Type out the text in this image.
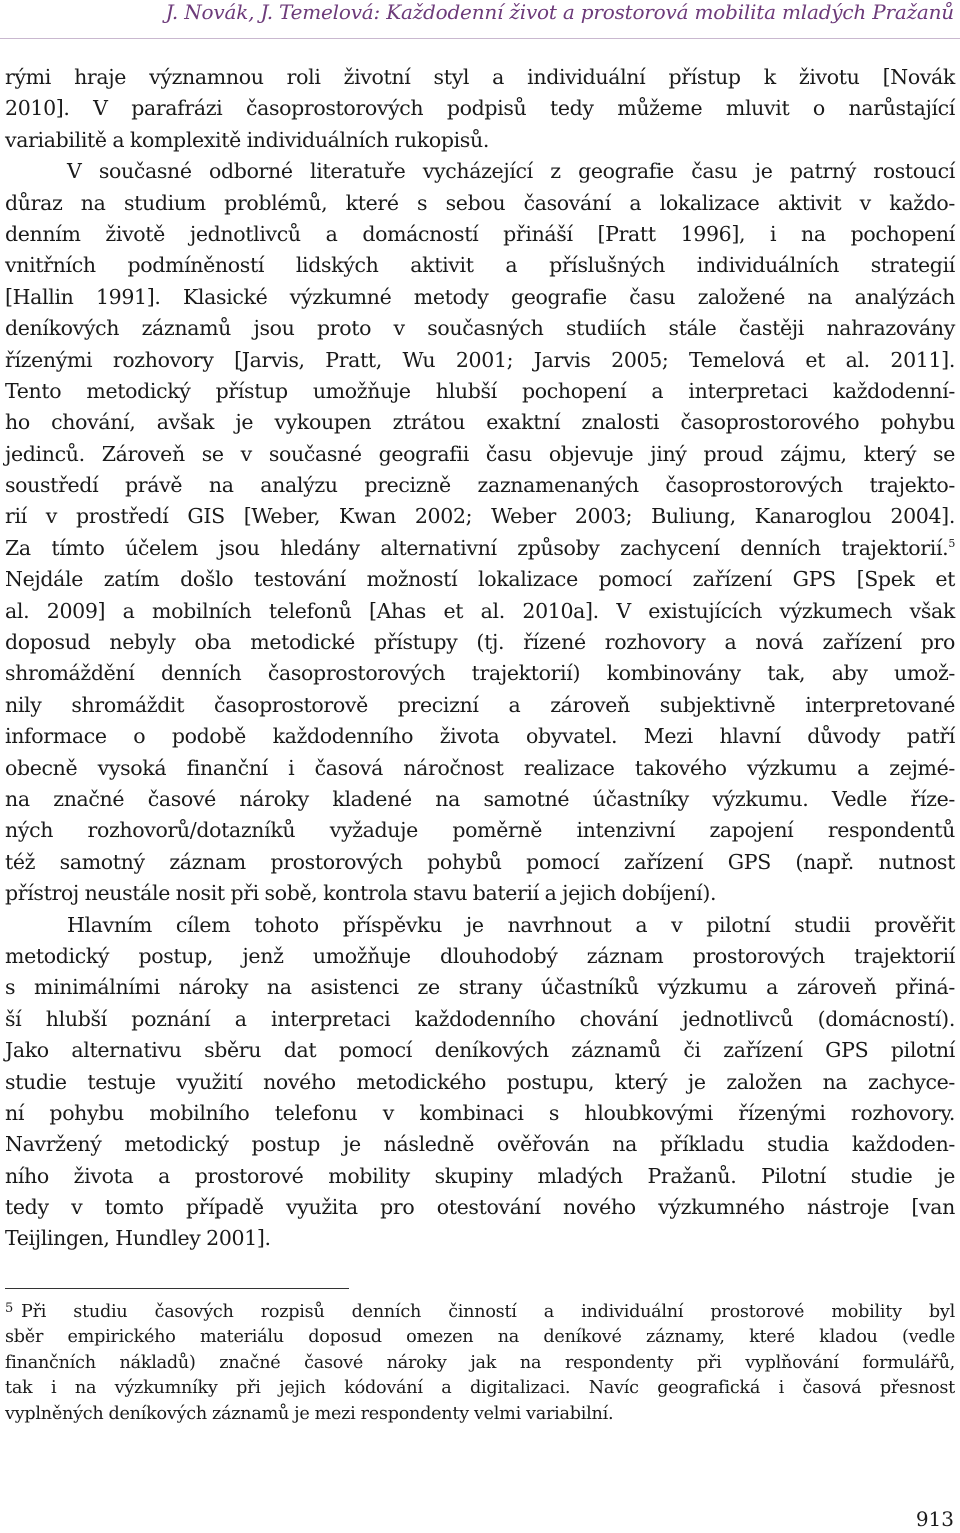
J. Novák, J. Temelová: Každodenní život a prostorová mobilita mladých Pražanů
rými hraje významnou roli životní styl a individuální přístup k životu [Novák
2010]. V parafrázi časoprostorových podpisů tedy můžeme mluvit o narůstající
variabilitě a komplexitě individuálních rukopisů.
V současné odborné literatuře vycházející z geografie času je patrný rostoucí
důraz na studium problémů, které s sebou časování a lokalizace aktivit v každo-
denním životě jednotlivců a domácností přináší [Pratt 1996], i na pochopení
vnitřních podmíněností lidských aktivit a příslušných individuálních strategií
[Hallin 1991]. Klasické výzkumné metody geografie času založené na analýzách
deníkových záznamů jsou proto v současných studiích stále častěji nahrazovány
řízenými rozhovory [Jarvis, Pratt, Wu 2001; Jarvis 2005; Temelová et al. 2011].
Tento metodický přístup umožňuje hlubší pochopení a interpretaci každodenní-
ho chování, avšak je vykoupen ztrátou exaktní znalosti časoprostorového pohybu
jedinců. Zároveň se v současné geografii času objevuje jiný proud zájmu, který se
soustředí právě na analýzu precizně zaznamenaných časoprostorových trajekto-
rií v prostředí GIS [Weber, Kwan 2002; Weber 2003; Buliung, Kanaroglou 2004].
Za tímto účelem jsou hledány alternativní způsoby zachycení denních trajektorií.$^5$
Nejdále zatím došlo testování možností lokalizace pomocí zařízení GPS [Spek et
al. 2009] a mobilních telefonů [Ahas et al. 2010a]. V existujících výzkumech však
doposud nebyly oba metodické přístupy (tj. řízené rozhovory a nová zařízení pro
shromáždění denních časoprostorových trajektorií) kombinovány tak, aby umož-
nily shromáždit časoprostorově precizní a zároveň subjektivně interpretované
informace o podobě každodenního života obyvatel. Mezi hlavní důvody patří
obecně vysoká finanční i časová náročnost realizace takového výzkumu a zejmé-
na značné časové nároky kladené na samotné účastníky výzkumu. Vedle říze-
ných rozhovorů/dotazníků vyžaduje poměrně intenzivní zapojení respondentů
též samotný záznam prostorových pohybů pomocí zařízení GPS (např. nutnost
přístroj neustále nosit při sobě, kontrola stavu baterií a jejich dobíjení).
Hlavním cílem tohoto příspěvku je navrhnout a v pilotní studii prověřit
metodický postup, jenž umožňuje dlouhodobý záznam prostorových trajektorií
s minimálními nároky na asistenci ze strany účastníků výzkumu a zároveň přiná-
ší hlubší poznání a interpretaci každodenního chování jednotlivců (domácností).
Jako alternativu sběru dat pomocí deníkových záznamů či zařízení GPS pilotní
studie testuje využití nového metodického postupu, který je založen na zachyce-
ní pohybu mobilního telefonu v kombinaci s hloubkovými řízenými rozhovory.
Navržený metodický postup je následně ověřován na příkladu studia každoden-
ního života a prostorové mobility skupiny mladých Pražanů. Pilotní studie je
tedy v tomto případě využita pro otestování nového výzkumného nástroje [van
Teijlingen, Hundley 2001].
$^5$ Při studiu časových rozpisů denních činností a individuální prostorové mobility byl
sběr empirického materiálu doposud omezen na deníkové záznamy, které kladou (vedle
finančních nákladů) značné časové nároky jak na respondenty při vyplňování formulářů,
tak i na výzkumníky při jejich kódování a digitalizaci. Navíc geografická i časová přesnost
vyplněných deníkových záznamů je mezi respondenty velmi variabilní.
913
